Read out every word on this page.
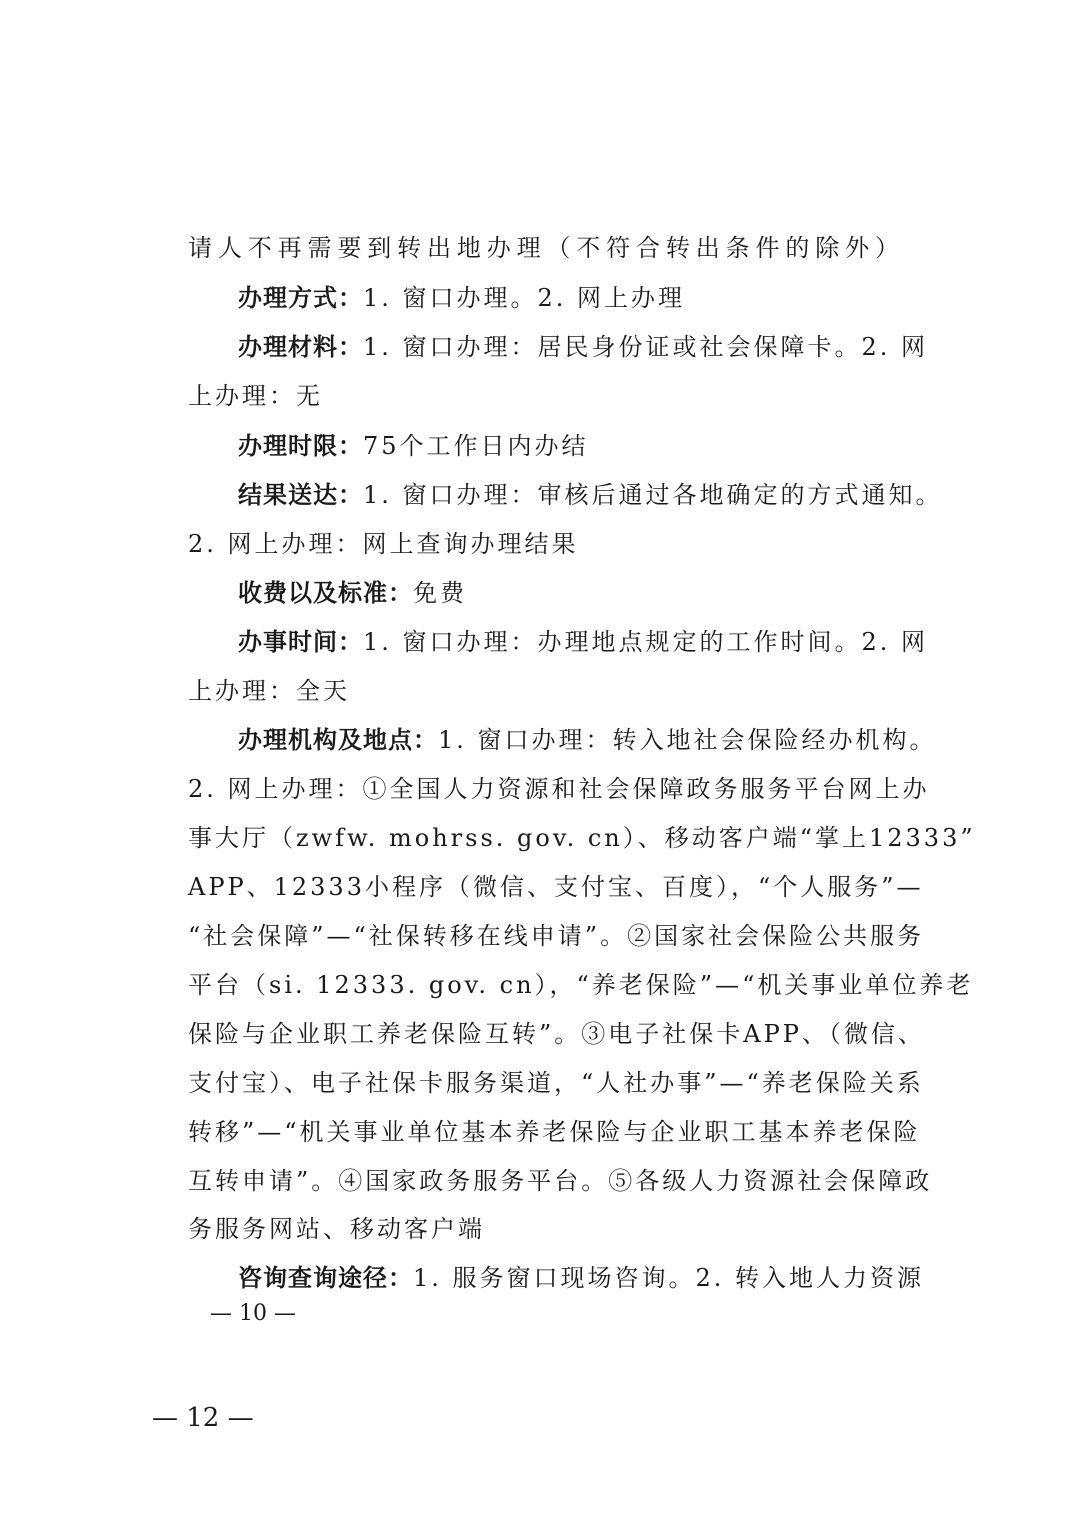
请人不再需要到转出地办理（不符合转出条件的除外）
办理方式：1. 窗口办理。2. 网上办理
办理材料：1. 窗口办理：居民身份证或社会保障卡。2. 网
上办理：无
办理时限：75个工作日内办结
结果送达：1. 窗口办理：审核后通过各地确定的方式通知。
2. 网上办理：网上查询办理结果
收费以及标准：免费
办事时间：1. 窗口办理：办理地点规定的工作时间。2. 网
上办理：全天
办理机构及地点：1. 窗口办理：转入地社会保险经办机构。
2. 网上办理：①全国人力资源和社会保障政务服务平台网上办
事大厅（zwfw. mohrss. gov. cn）、移动客户端“掌上12333”
APP、12333小程序（微信、支付宝、百度），“个人服务”—
“社会保障”—“社保转移在线申请”。②国家社会保险公共服务
平台（si. 12333. gov. cn），“养老保险”—“机关事业单位养老
保险与企业职工养老保险互转”。③电子社保卡APP、（微信、
支付宝）、电子社保卡服务渠道，“人社办事”—“养老保险关系
转移”—“机关事业单位基本养老保险与企业职工基本养老保险
互转申请”。④国家政务服务平台。⑤各级人力资源社会保障政
务服务网站、移动客户端
咨询查询途径：1. 服务窗口现场咨询。2. 转入地人力资源
— 10 —
— 12 —
